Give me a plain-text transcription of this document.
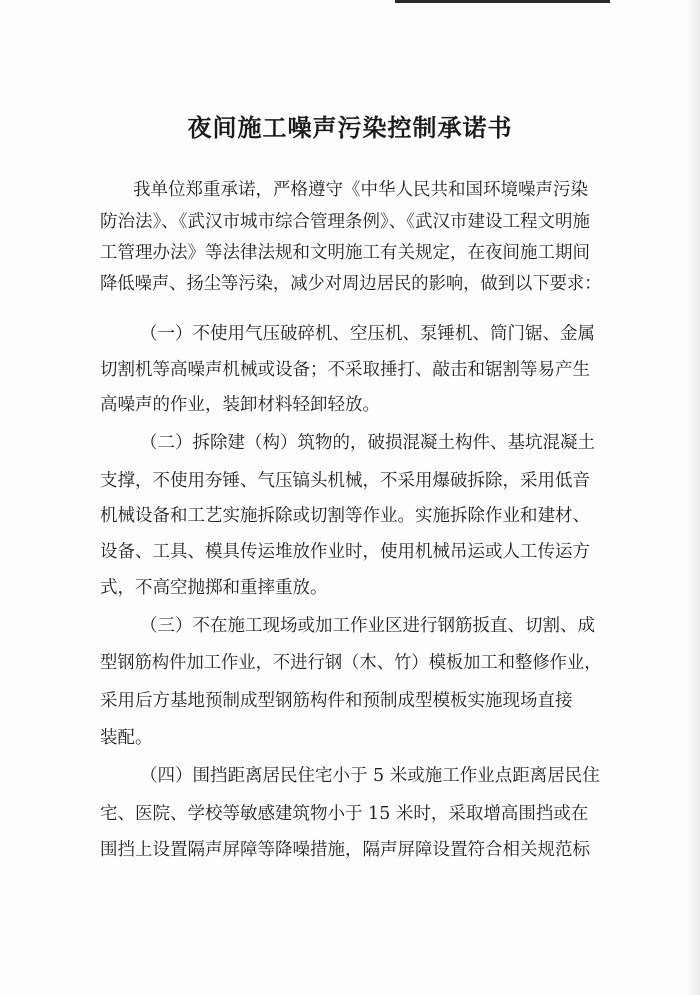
夜间施工噪声污染控制承诺书
我单位郑重承诺，严格遵守《中华人民共和国环境噪声污染
防治法》、《武汉市城市综合管理条例》、《武汉市建设工程文明施
工管理办法》等法律法规和文明施工有关规定，在夜间施工期间
降低噪声、扬尘等污染，减少对周边居民的影响，做到以下要求：
（一）不使用气压破碎机、空压机、泵锤机、筒门锯、金属
切割机等高噪声机械或设备；不采取捶打、敲击和锯割等易产生
高噪声的作业，装卸材料轻卸轻放。
（二）拆除建（构）筑物的，破损混凝土构件、基坑混凝土
支撑，不使用夯锤、气压镐头机械，不采用爆破拆除，采用低音
机械设备和工艺实施拆除或切割等作业。实施拆除作业和建材、
设备、工具、模具传运堆放作业时，使用机械吊运或人工传运方
式，不高空抛掷和重摔重放。
（三）不在施工现场或加工作业区进行钢筋扳直、切割、成
型钢筋构件加工作业，不进行钢（木、竹）模板加工和整修作业，
采用后方基地预制成型钢筋构件和预制成型模板实施现场直接
装配。
（四）围挡距离居民住宅小于 5 米或施工作业点距离居民住
宅、医院、学校等敏感建筑物小于 15 米时，采取增高围挡或在
围挡上设置隔声屏障等降噪措施，隔声屏障设置符合相关规范标
